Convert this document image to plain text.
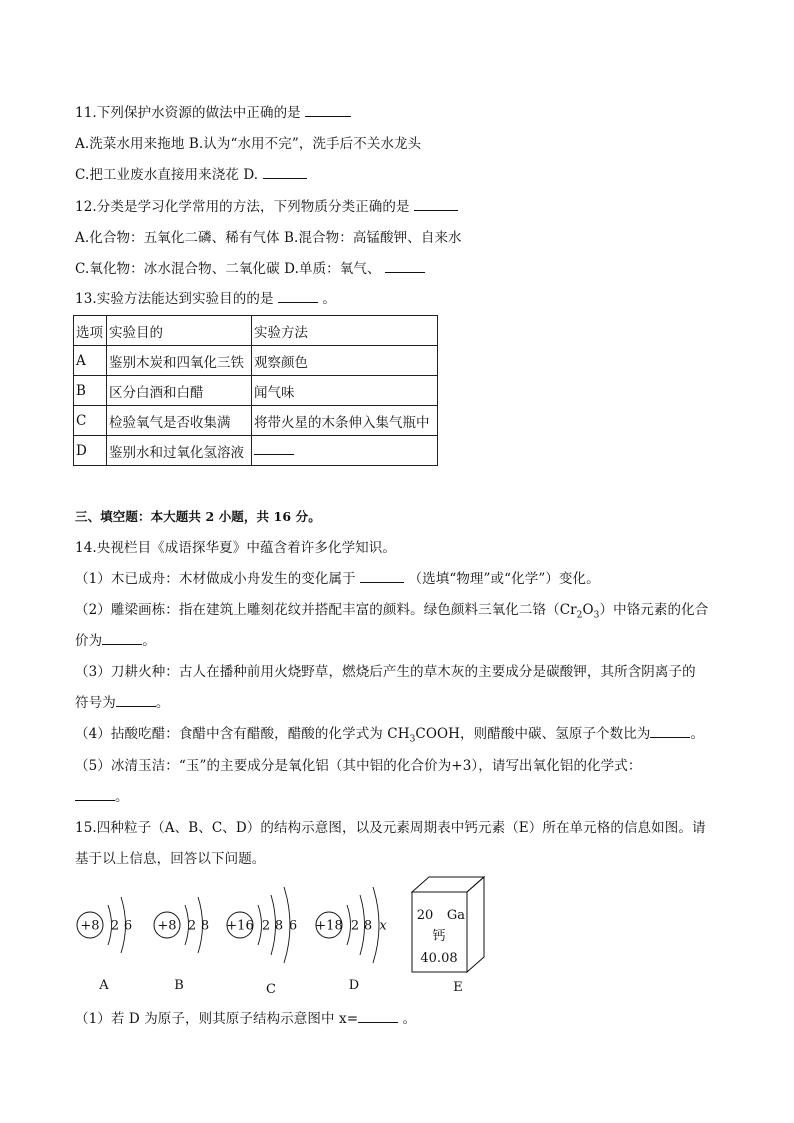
11.下列保护水资源的做法中正确的是
A.洗菜水用来拖地 B.认为“水用不完”，洗手后不关水龙头
C.把工业废水直接用来浇花 D.
12.分类是学习化学常用的方法，下列物质分类正确的是
A.化合物：五氧化二磷、稀有气体 B.混合物：高锰酸钾、自来水
C.氧化物：冰水混合物、二氧化碳 D.单质：氧气、
13.实验方法能达到实验目的的是	。
选项	实验目的	实验方法
A	鉴别木炭和四氧化三铁	观察颜色
B	区分白酒和白醋	闻气味
C	检验氧气是否收集满	将带火星的木条伸入集气瓶中
D	鉴别水和过氧化氢溶液	
三、填空题：本大题共 2 小题，共 16 分。
14.央视栏目《成语探华夏》中蕴含着许多化学知识。
（1）木已成舟：木材做成小舟发生的变化属于	（选填“物理”或“化学”）变化。
（2）雕梁画栋：指在建筑上雕刻花纹并搭配丰富的颜料。绿色颜料三氧化二铬$(Cr_2O_3)$中铬元素的化合
价为	。
（3）刀耕火种：古人在播种前用火烧野草，燃烧后产生的草木灰的主要成分是碳酸钾，其所含阴离子的
符号为	。
（4）拈酸吃醋：食醋中含有醋酸，醋酸的化学式为 $CH_3COOH$，则醋酸中碳、氢原子个数比为	。
（5）冰清玉洁：“玉”的主要成分是氧化铝（其中铝的化合价为+3），请写出氧化铝的化学式：
。
15.四种粒子（A、B、C、D）的结构示意图，以及元素周期表中钙元素（E）所在单元格的信息如图。请
基于以上信息，回答以下问题。
+8 2 6
A
+8 2 8
B
+16 2 8 6
C
+18 2 8 x
D
20 Ga
钙
40.08
E
（1）若 D 为原子，则其原子结构示意图中 x=	。
